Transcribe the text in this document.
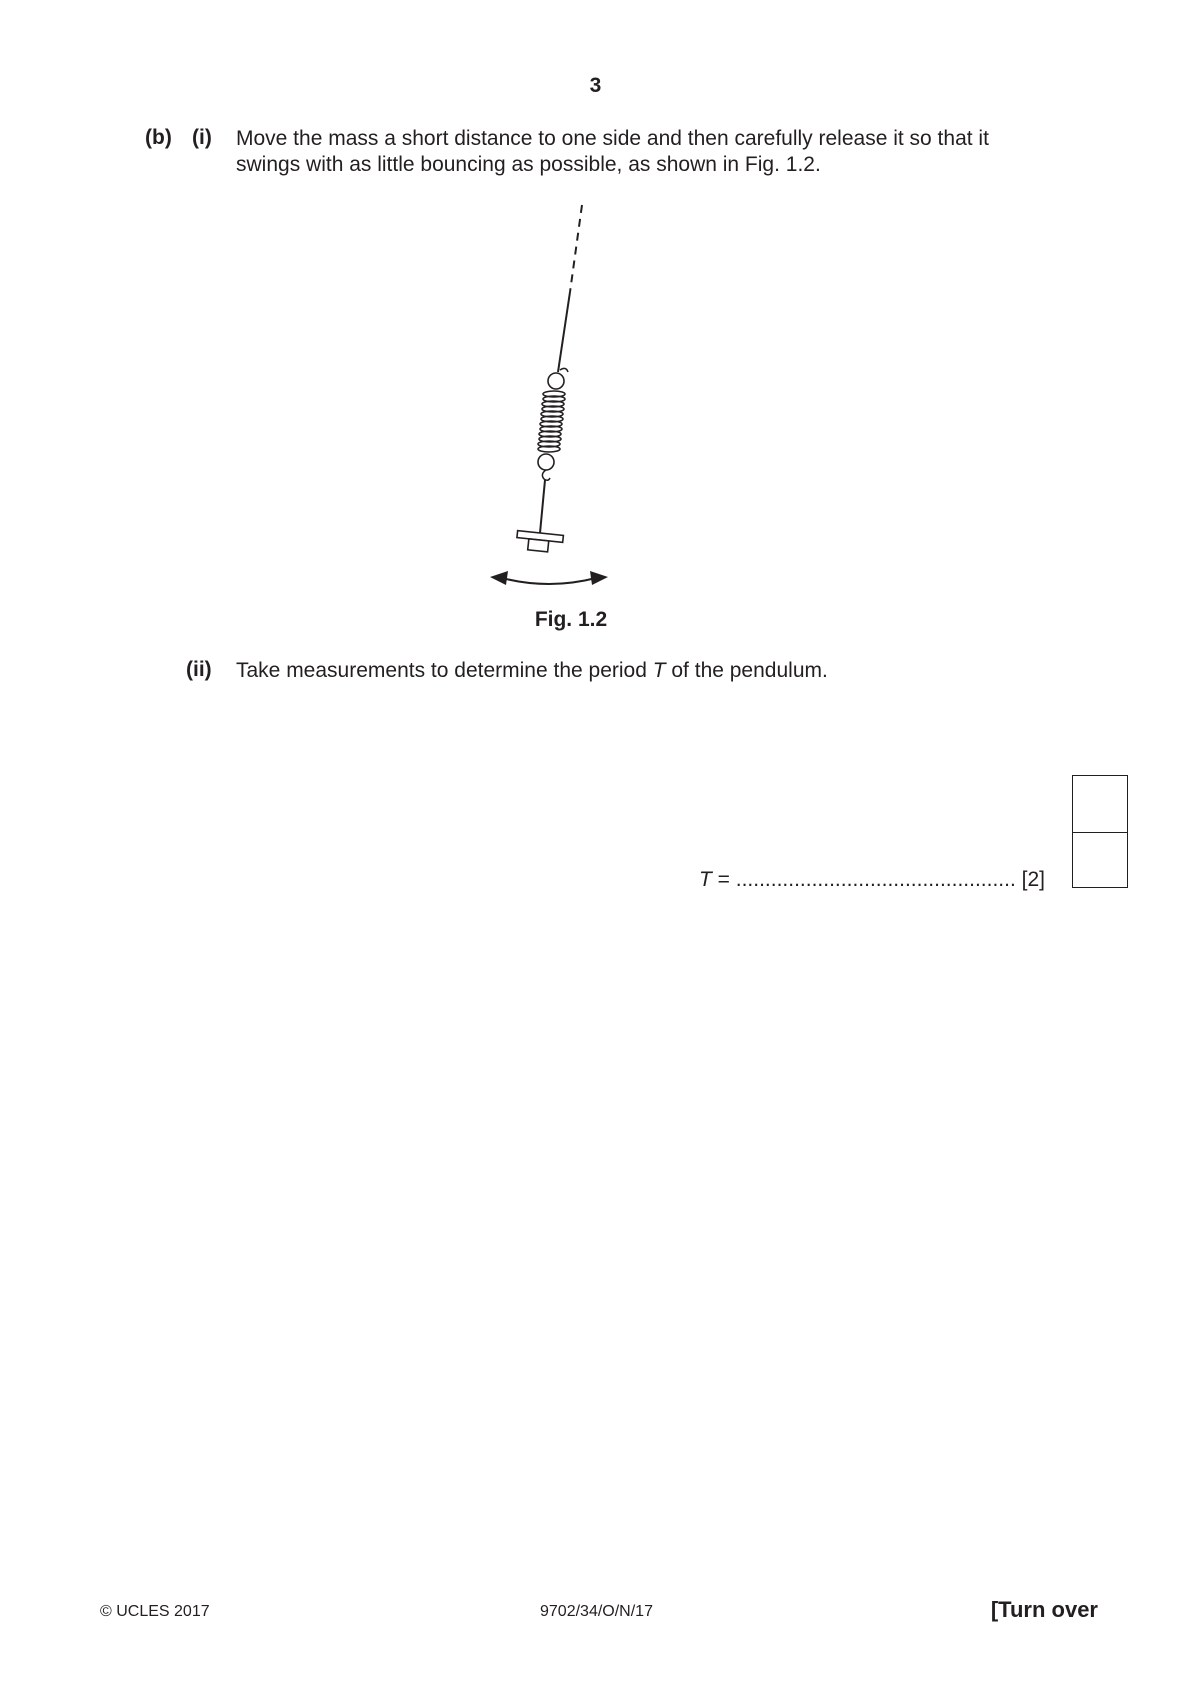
3
(b) (i) Move the mass a short distance to one side and then carefully release it so that it swings with as little bouncing as possible, as shown in Fig. 1.2.
Fig. 1.2
(ii) Take measurements to determine the period T of the pendulum.
T = ................................................ [2]
© UCLES 2017	9702/34/O/N/17	[Turn over
